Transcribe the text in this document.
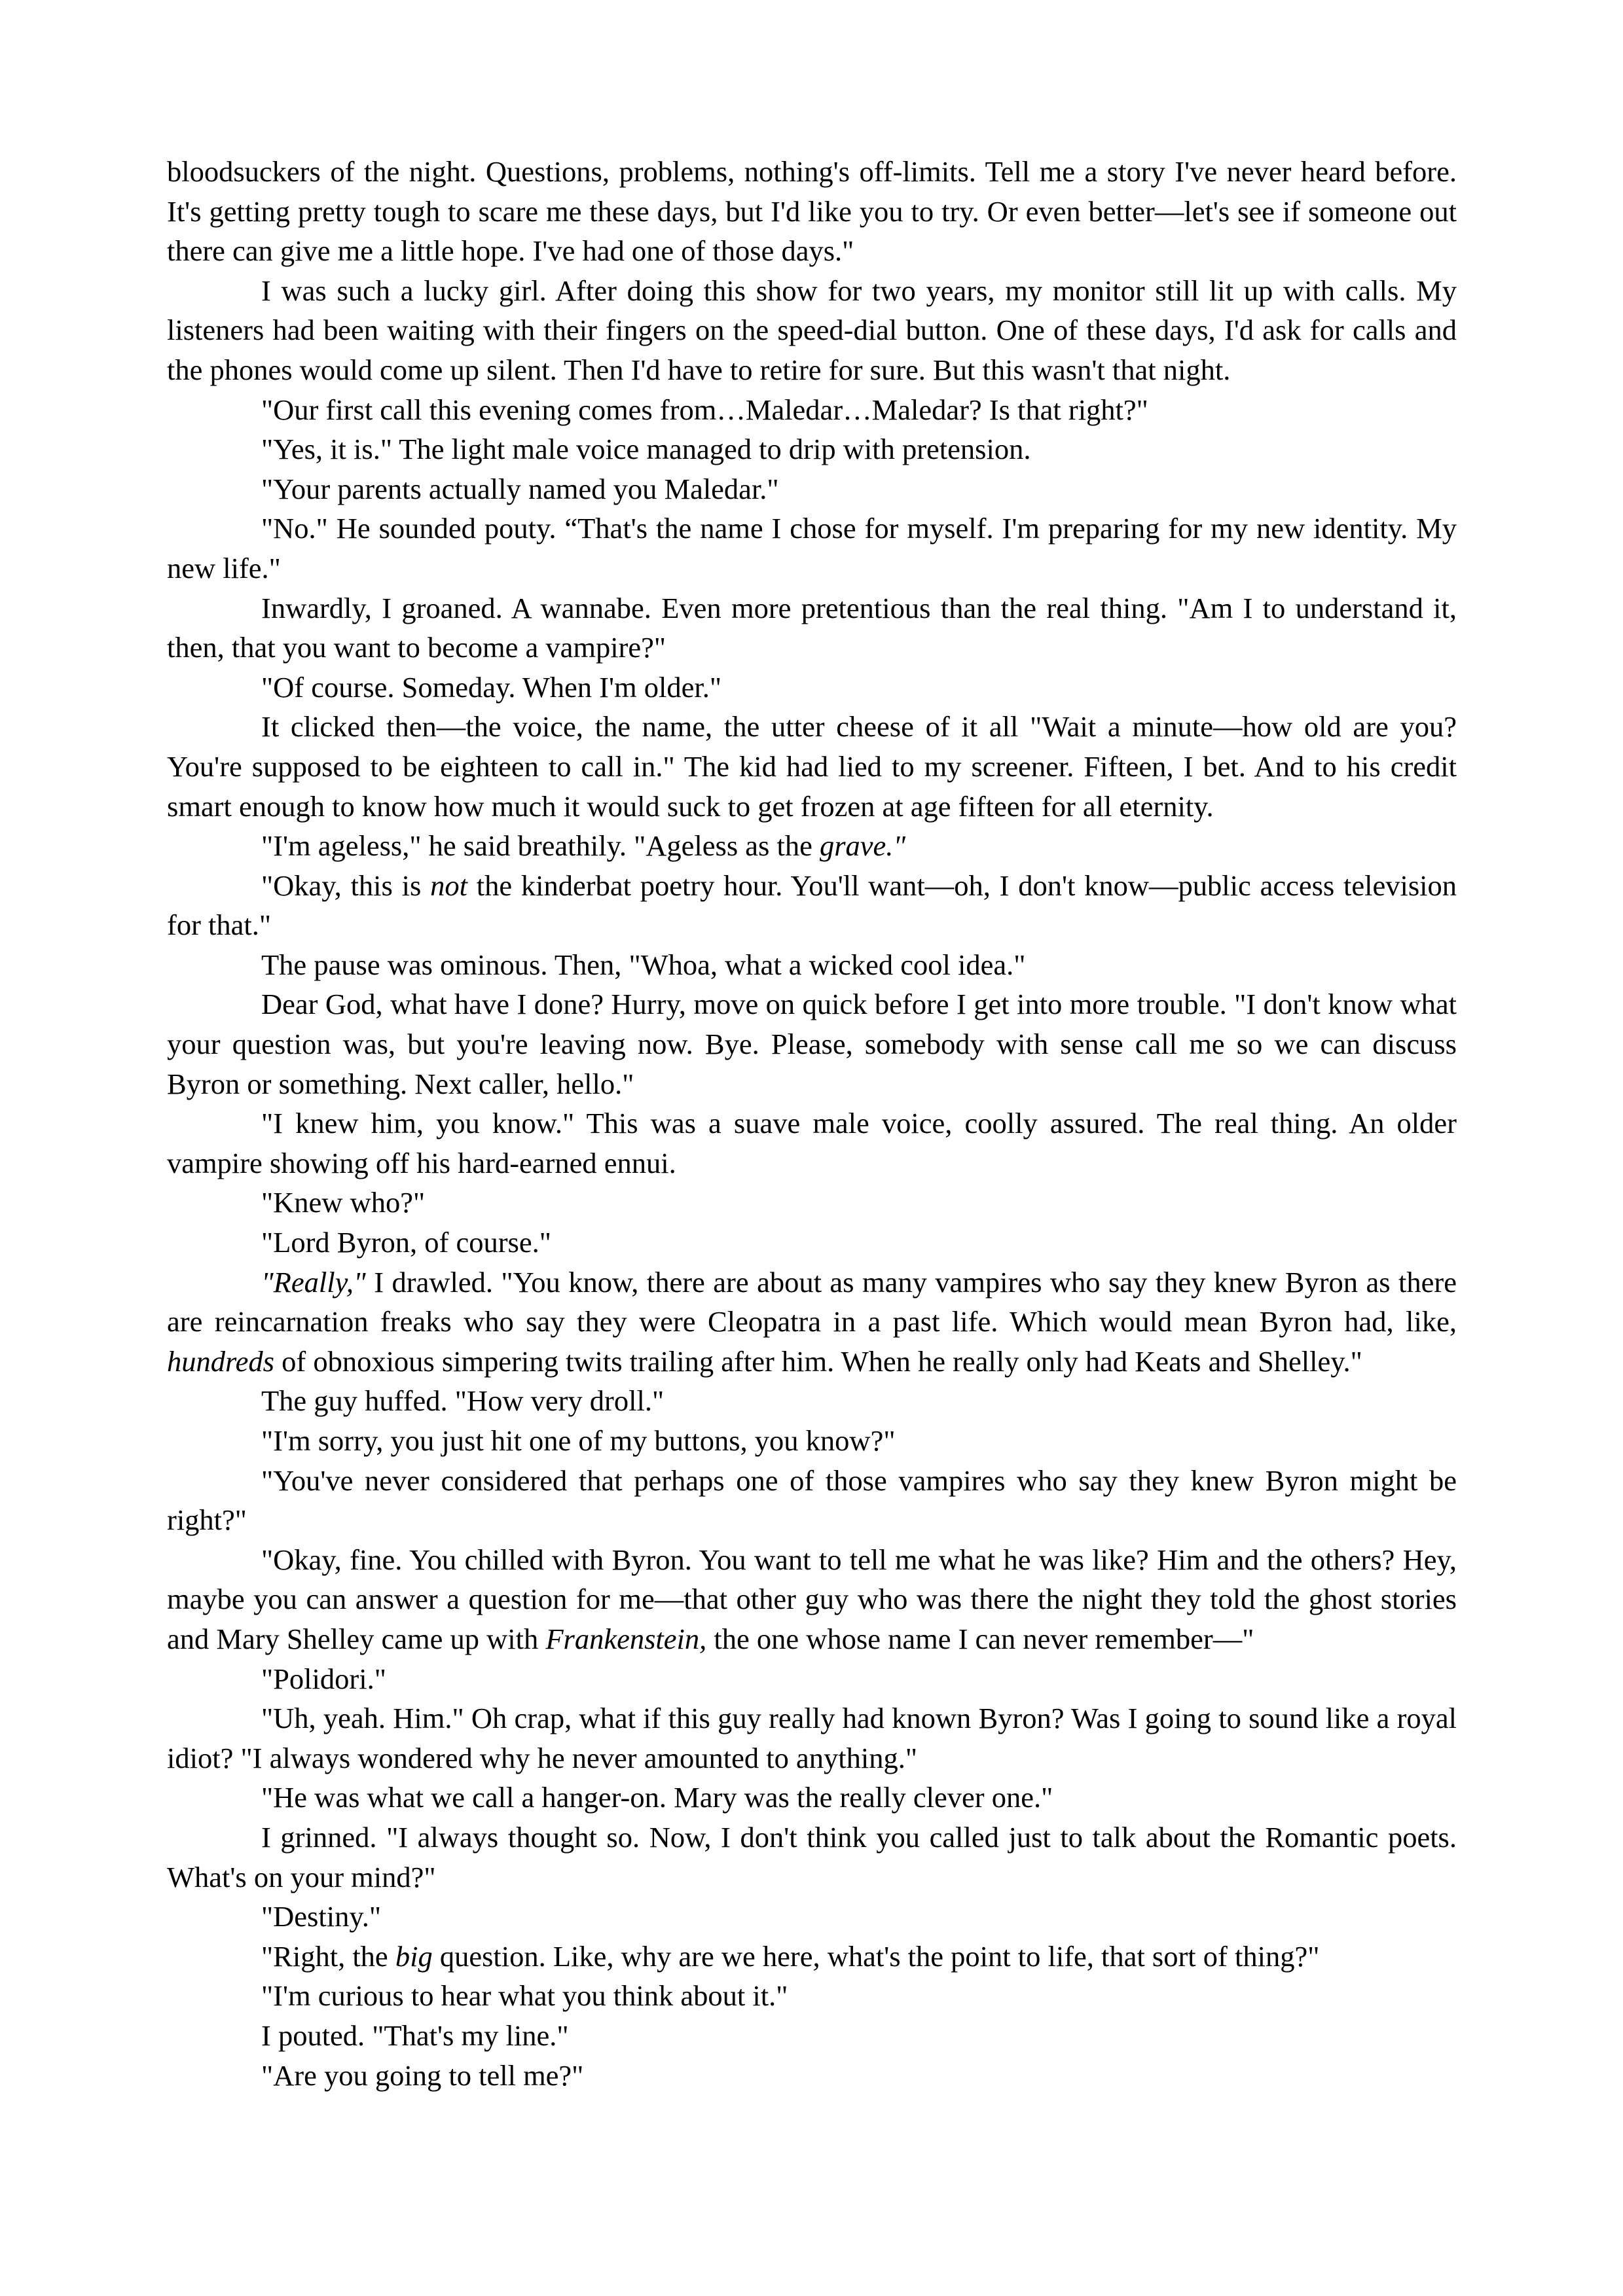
bloodsuckers of the night. Questions, problems, nothing's off-limits. Tell me a story I've never heard before. It's getting pretty tough to scare me these days, but I'd like you to try. Or even better—let's see if someone out there can give me a little hope. I've had one of those days."

I was such a lucky girl. After doing this show for two years, my monitor still lit up with calls. My listeners had been waiting with their fingers on the speed-dial button. One of these days, I'd ask for calls and the phones would come up silent. Then I'd have to retire for sure. But this wasn't that night.

"Our first call this evening comes from…Maledar…Maledar? Is that right?"

"Yes, it is." The light male voice managed to drip with pretension.

"Your parents actually named you Maledar."

"No." He sounded pouty. “That's the name I chose for myself. I'm preparing for my new identity. My new life."

Inwardly, I groaned. A wannabe. Even more pretentious than the real thing. "Am I to understand it, then, that you want to become a vampire?"

"Of course. Someday. When I'm older."

It clicked then—the voice, the name, the utter cheese of it all "Wait a minute—how old are you? You're supposed to be eighteen to call in." The kid had lied to my screener. Fifteen, I bet. And to his credit smart enough to know how much it would suck to get frozen at age fifteen for all eternity.

"I'm ageless," he said breathily. "Ageless as the grave."

"Okay, this is not the kinderbat poetry hour. You'll want—oh, I don't know—public access television for that."

The pause was ominous. Then, "Whoa, what a wicked cool idea."

Dear God, what have I done? Hurry, move on quick before I get into more trouble. "I don't know what your question was, but you're leaving now. Bye. Please, somebody with sense call me so we can discuss Byron or something. Next caller, hello."

"I knew him, you know." This was a suave male voice, coolly assured. The real thing. An older vampire showing off his hard-earned ennui.

"Knew who?"

"Lord Byron, of course."

"Really," I drawled. "You know, there are about as many vampires who say they knew Byron as there are reincarnation freaks who say they were Cleopatra in a past life. Which would mean Byron had, like, hundreds of obnoxious simpering twits trailing after him. When he really only had Keats and Shelley."

The guy huffed. "How very droll."

"I'm sorry, you just hit one of my buttons, you know?"

"You've never considered that perhaps one of those vampires who say they knew Byron might be right?"

"Okay, fine. You chilled with Byron. You want to tell me what he was like? Him and the others? Hey, maybe you can answer a question for me—that other guy who was there the night they told the ghost stories and Mary Shelley came up with Frankenstein, the one whose name I can never remember—"

"Polidori."

"Uh, yeah. Him." Oh crap, what if this guy really had known Byron? Was I going to sound like a royal idiot? "I always wondered why he never amounted to anything."

"He was what we call a hanger-on. Mary was the really clever one."

I grinned. "I always thought so. Now, I don't think you called just to talk about the Romantic poets. What's on your mind?"

"Destiny."

"Right, the big question. Like, why are we here, what's the point to life, that sort of thing?"

"I'm curious to hear what you think about it."

I pouted. "That's my line."

"Are you going to tell me?"
